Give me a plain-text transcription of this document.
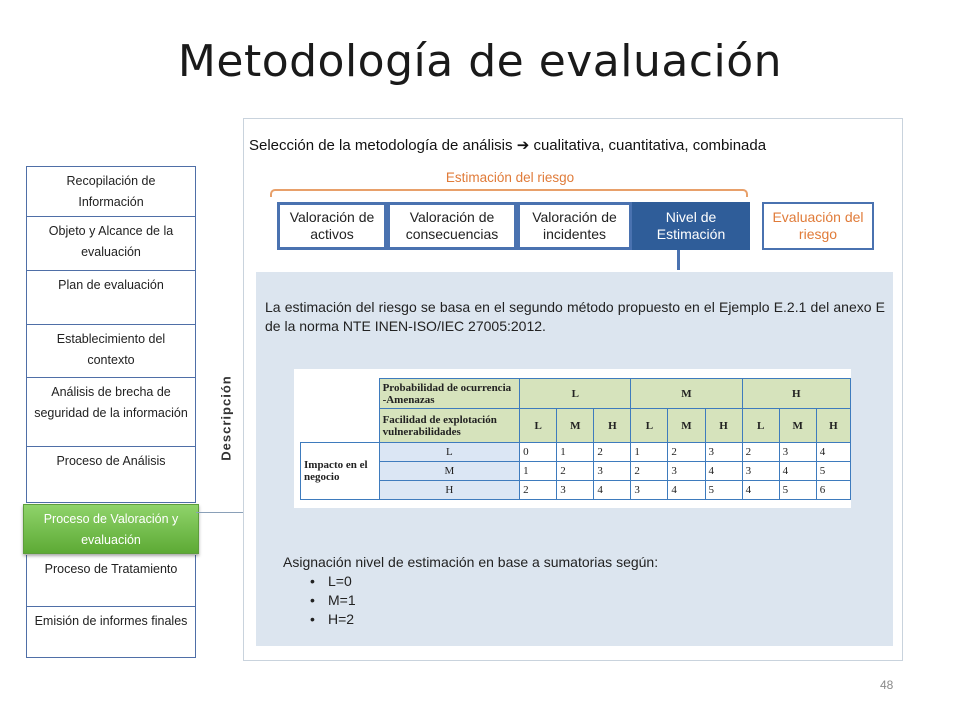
Metodología de evaluación
Recopilación de Información
Objeto y Alcance de la evaluación
Plan de evaluación
Establecimiento del contexto
Análisis de brecha de seguridad de la información
Proceso de Análisis
Proceso de Valoración y evaluación
Proceso de Tratamiento
Emisión de informes finales
Descripción
Selección de la metodología de análisis ➔ cualitativa, cuantitativa, combinada
Estimación del riesgo
Valoración de activos
Valoración de consecuencias
Valoración de incidentes
Nivel de Estimación
Evaluación del riesgo
La estimación del riesgo se basa en el segundo método propuesto en el Ejemplo E.2.1 del anexo E de la norma NTE INEN-ISO/IEC 27005:2012.
	Probabilidad de ocurrencia -Amenazas	L			M			H		
	Facilidad de explotación vulnerabilidades	L	M	H	L	M	H	L	M	H
Impacto en el negocio	L	0	1	2	1	2	3	2	3	4
	M	1	2	3	2	3	4	3	4	5
	H	2	3	4	3	4	5	4	5	6
Asignación nivel de estimación en base a sumatorias según:
• L=0
• M=1
• H=2
48
